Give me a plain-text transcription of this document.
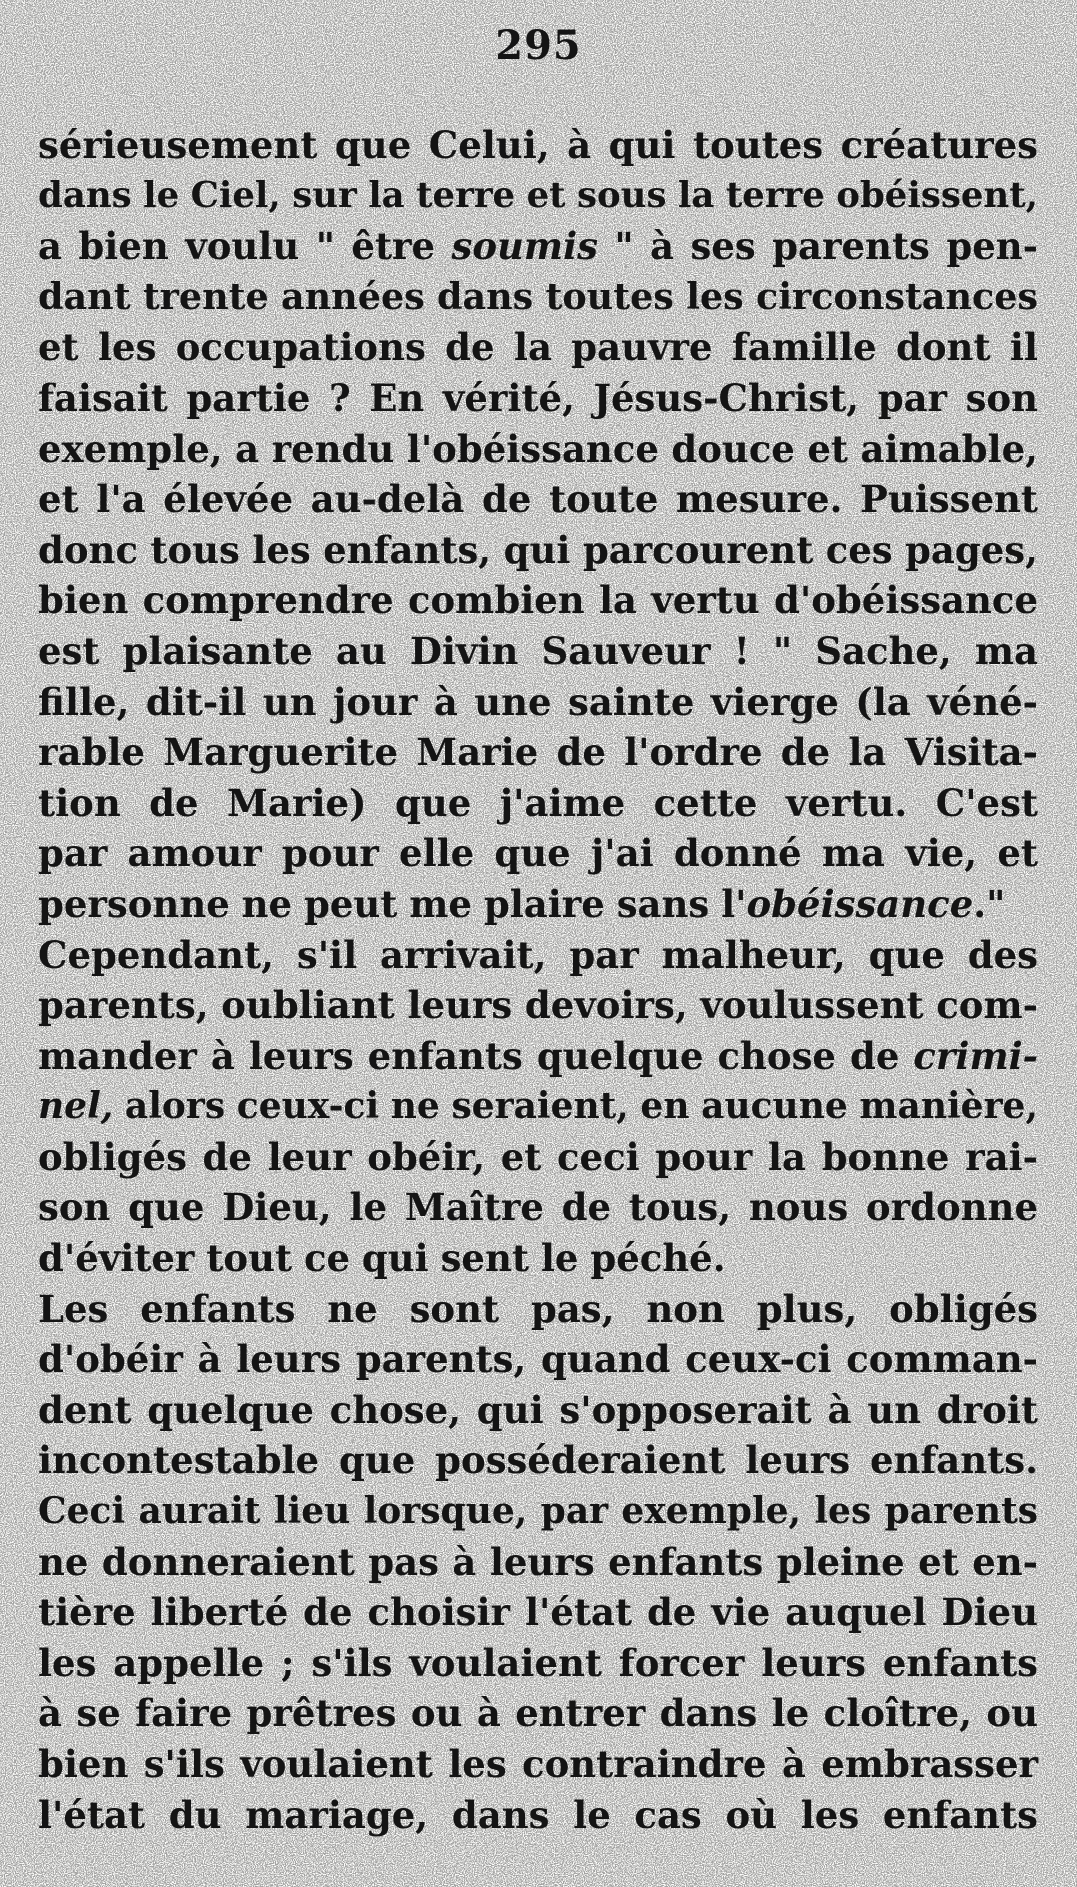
295
sérieusement que Celui, à qui toutes créatures
dans le Ciel, sur la terre et sous la terre obéissent,
a bien voulu " être soumis " à ses parents pen-
dant trente années dans toutes les circonstances
et les occupations de la pauvre famille dont il
faisait partie ? En vérité, Jésus-Christ, par son
exemple, a rendu l'obéissance douce et aimable,
et l'a élevée au-delà de toute mesure. Puissent
donc tous les enfants, qui parcourent ces pages,
bien comprendre combien la vertu d'obéissance
est plaisante au Divin Sauveur ! " Sache, ma
fille, dit-il un jour à une sainte vierge (la véné-
rable Marguerite Marie de l'ordre de la Visita-
tion de Marie) que j'aime cette vertu. C'est
par amour pour elle que j'ai donné ma vie, et
personne ne peut me plaire sans l'obéissance."
Cependant, s'il arrivait, par malheur, que des
parents, oubliant leurs devoirs, voulussent com-
mander à leurs enfants quelque chose de crimi-
nel, alors ceux-ci ne seraient, en aucune manière,
obligés de leur obéir, et ceci pour la bonne rai-
son que Dieu, le Maître de tous, nous ordonne
d'éviter tout ce qui sent le péché.
Les enfants ne sont pas, non plus, obligés
d'obéir à leurs parents, quand ceux-ci comman-
dent quelque chose, qui s'opposerait à un droit
incontestable que posséderaient leurs enfants.
Ceci aurait lieu lorsque, par exemple, les parents
ne donneraient pas à leurs enfants pleine et en-
tière liberté de choisir l'état de vie auquel Dieu
les appelle ; s'ils voulaient forcer leurs enfants
à se faire prêtres ou à entrer dans le cloître, ou
bien s'ils voulaient les contraindre à embrasser
l'état du mariage, dans le cas où les enfants
